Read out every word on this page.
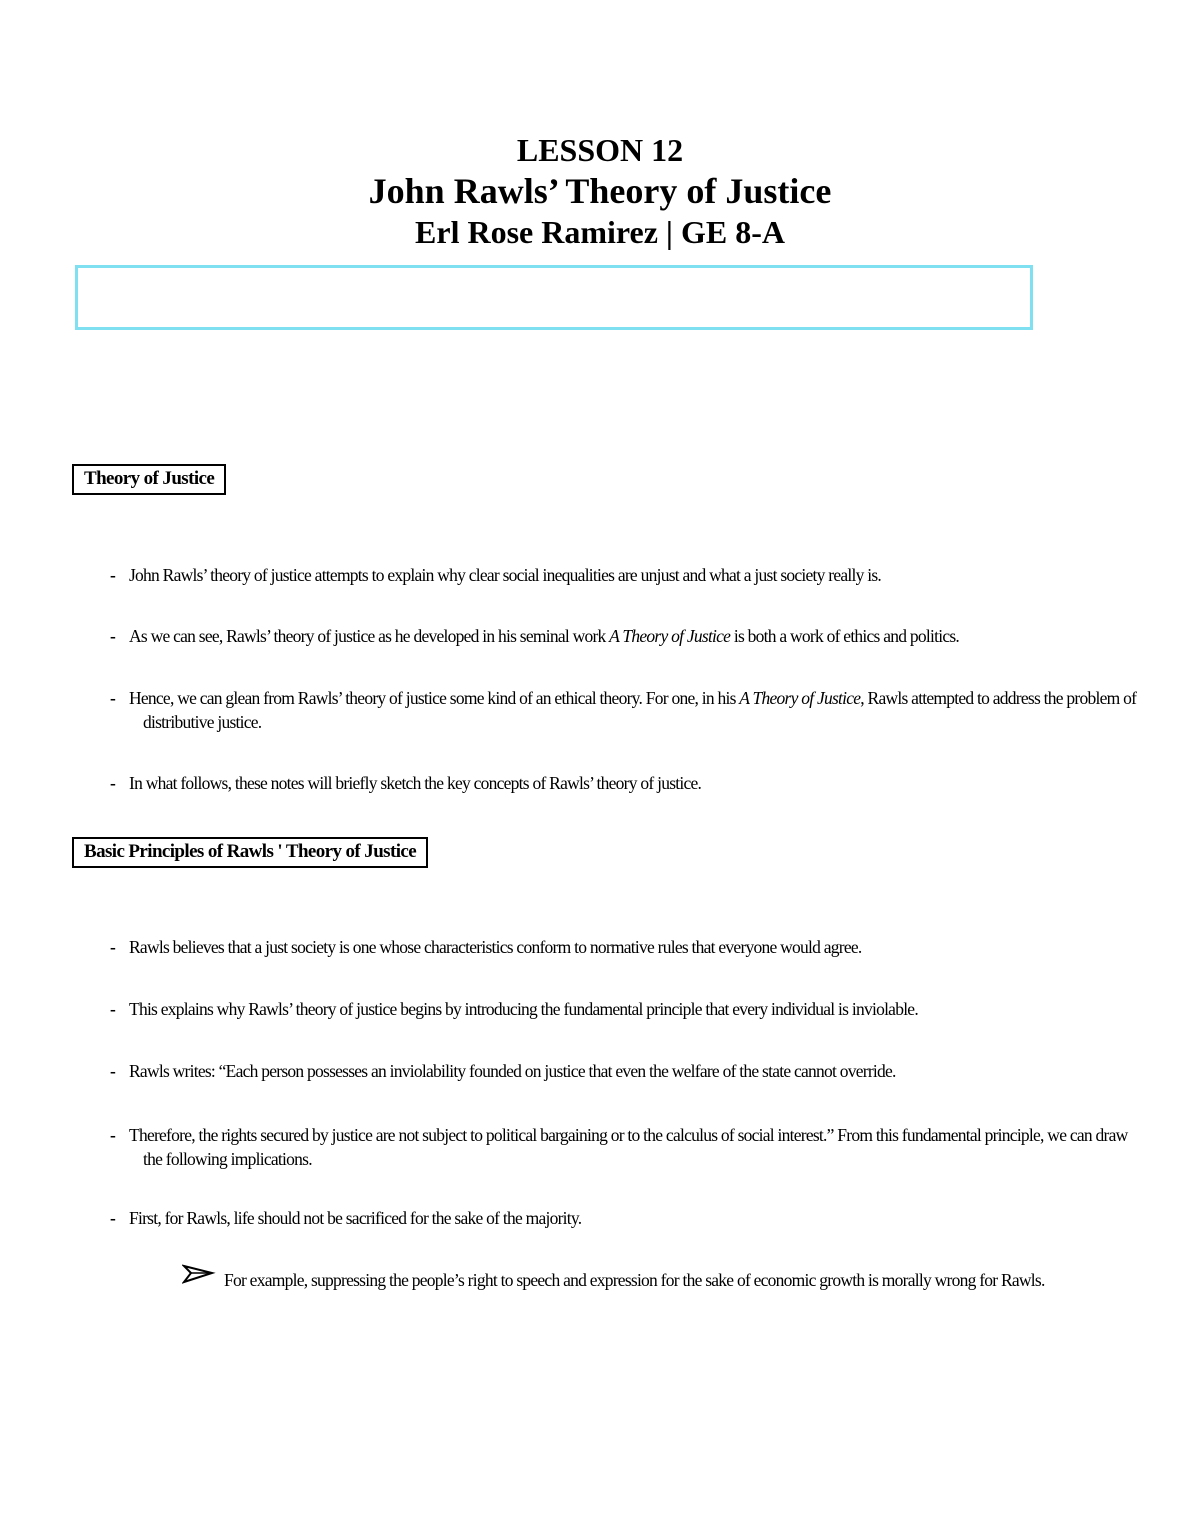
LESSON 12
John Rawls’ Theory of Justice
Erl Rose Ramirez | GE 8-A
Theory of Justice
- John Rawls’ theory of justice attempts to explain why clear social inequalities are unjust and what a just society really is.
- As we can see, Rawls’ theory of justice as he developed in his seminal work A Theory of Justice is both a work of ethics and politics.
- Hence, we can glean from Rawls’ theory of justice some kind of an ethical theory. For one, in his A Theory of Justice, Rawls attempted to address the problem of distributive justice.
- In what follows, these notes will briefly sketch the key concepts of Rawls’ theory of justice.
Basic Principles of Rawls ' Theory of Justice
- Rawls believes that a just society is one whose characteristics conform to normative rules that everyone would agree.
- This explains why Rawls’ theory of justice begins by introducing the fundamental principle that every individual is inviolable.
- Rawls writes: “Each person possesses an inviolability founded on justice that even the welfare of the state cannot override.
- Therefore, the rights secured by justice are not subject to political bargaining or to the calculus of social interest.” From this fundamental principle, we can draw the following implications.
- First, for Rawls, life should not be sacrificed for the sake of the majority.
For example, suppressing the people’s right to speech and expression for the sake of economic growth is morally wrong for Rawls.
